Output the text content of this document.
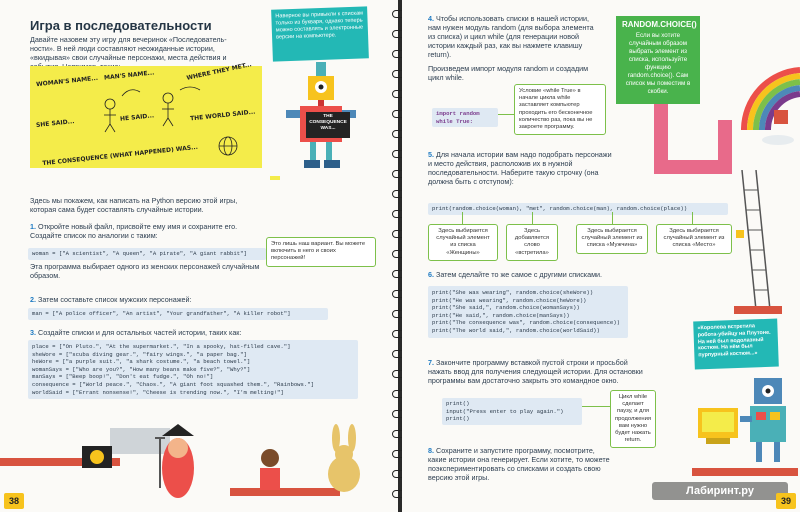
Игра в последовательности
Давайте назовем эту игру для вечеринок «Последователь-ности». В ней люди составляют неожиданные истории, «вкидывая» свои случайные персонажи, места действия и
WOMAN'S NAME... MAN'S NAME...	WHERE THEY MET...
SHE SAID...
HE SAID...	THE WORLD SAID...
THE CONSEQUENCE (WHAT HAPPENED) WAS...
Наверное вы привыкли к спискам только из букваря, однако теперь можно составлять и электронные версии на компьютере.
THE
CONSEQUENCE
WAS...
Здесь мы покажем, как написать на Python версию этой игры, которая сама будет составлять случайные истории.
1. Откройте новый файл, присвойте ему имя и сохраните его. Создайте список по аналогии с таким:
woman = ["A scientist", "A queen", "A pirate", "A giant rabbit"]
Это лишь наш вариант. Вы можете включить в него и своих персонажей!
Эта программа выбирает одного из женских персонажей случайным образом.
2. Затем составьте список мужских персонажей:
man = ["A police officer", "An artist", "Your grandfather", "A killer robot"]
3. Создайте списки и для остальных частей истории, таких как:
place = ["On Pluto.", "At the supermarket.", "In a spooky, hat-filled cave."]
sheWore = ["scuba diving gear.", "fairy wings.", "a paper bag."]
heWore = ["a purple suit.", "a shark costume.", "a beach towel."]
womanSays = ["Who are you?", "How many beans make five?", "Why?"]
manSays = ["Beep boop!", "Don't eat fudge.", "Oh no!"]
consequence = ["World peace.", "Chaos.", "A giant foot squashed them.", "Rainbows."]
worldSaid = ["Errant nonsense!", "Cheese is trending now.", "I'm melting!"]
38
4. Чтобы использовать списки в нашей истории, нам нужен модуль random (для выбора элемента из списка) и цикл while (для генерации новой истории каждый раз, как вы нажмете клавишу return).
Произведем импорт модуля random и создадим цикл while.
import random
while True:
Условие «while True» в начале цикла while заставляет компьютер проходить его бесконечное количество раз, пока вы не закроете программу.
RANDOM.CHOICE()
Если вы хотите случайным образом выбрать элемент из списка, используйте функцию random.choice(). Сам список мы поместим в скобки.
5. Для начала истории вам надо подобрать персонажи и место действия, расположив их в нужной последовательности. Наберите такую строчку (она должна быть с отступом):
print(random.choice(woman), "met", random.choice(man), random.choice(place))
Здесь выбирается случайный элемент из списка «Женщины»
Здесь добавляется слово «встретила»
Здесь выбирается случайный элемент из списка «Мужчина»
Здесь выбирается случайный элемент из списка «Место»
6. Затем сделайте то же самое с другими списками.
print("She was wearing", random.choice(sheWore))
print("He was wearing", random.choice(heWore))
print("She said,", random.choice(womanSays))
print("He said,", random.choice(manSays))
print("The consequence was", random.choice(consequence))
print("The world said,", random.choice(worldSaid))
7. Закончите программу вставкой пустой строки и просьбой нажать ввод для получения следующей истории. Для остановки программы вам достаточно закрыть это командное окно.
print()
input("Press enter to play again.")
print()
Цикл while сделает паузу, и для продолжения вам нужно будет нажать return.
8. Сохраните и запустите программу, посмотрите, какие истории она генерирует. Если хотите, то можете поэкспериментировать со списками и создать свою версию этой игры.
«Королева встретила робота-убийцу на Плутоне. На ней был водолазный костюм. На нём был пурпурный костюм...»
Лабиринт.ру
39
